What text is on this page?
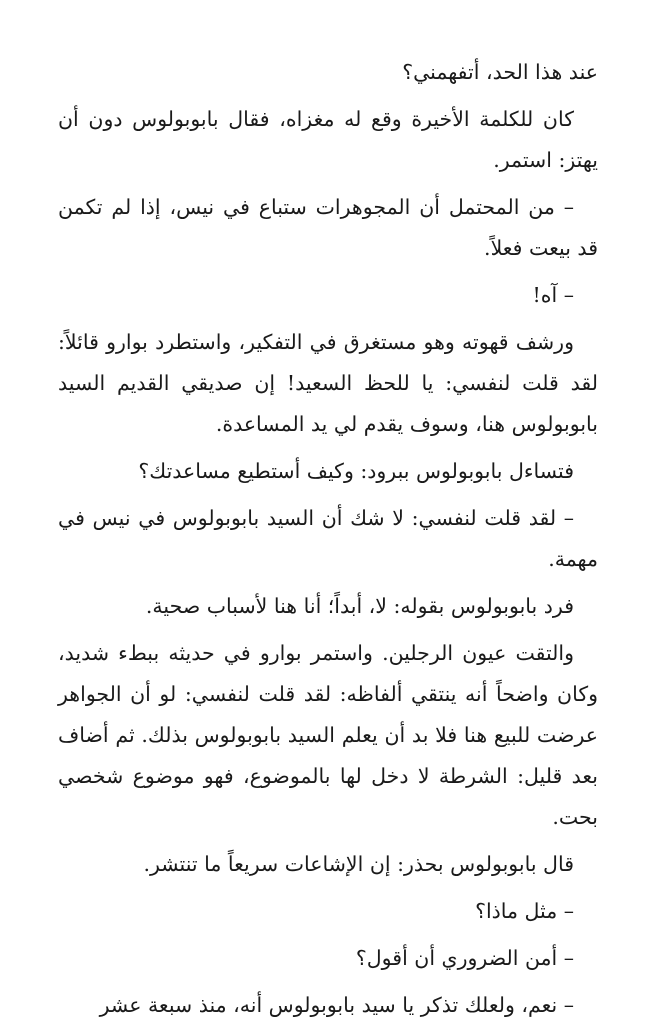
عند هذا الحد، أتفهمني؟

كان للكلمة الأخيرة وقع له مغزاه، فقال بابوبولوس دون أن يهتز: استمر.

– من المحتمل أن المجوهرات ستباع في نيس، إذا لم تكمن قد بيعت فعلاً.

– آه!

ورشف قهوته وهو مستغرق في التفكير، واستطرد بوارو قائلاً: لقد قلت لنفسي: يا للحظ السعيد! إن صديقي القديم السيد بابوبولوس هنا، وسوف يقدم لي يد المساعدة.

فتساءل بابوبولوس ببرود: وكيف أستطيع مساعدتك؟

– لقد قلت لنفسي: لا شك أن السيد بابوبولوس في نيس في مهمة.

فرد بابوبولوس بقوله: لا، أبداً؛ أنا هنا لأسباب صحية.

والتقت عيون الرجلين. واستمر بوارو في حديثه ببطء شديد، وكان واضحاً أنه ينتقي ألفاظه: لقد قلت لنفسي: لو أن الجواهر عرضت للبيع هنا فلا بد أن يعلم السيد بابوبولوس بذلك. ثم أضاف بعد قليل: الشرطة لا دخل لها بالموضوع، فهو موضوع شخصي بحت.

قال بابوبولوس بحذر: إن الإشاعات سريعاً ما تنتشر.

– مثل ماذا؟

– أمن الضروري أن أقول؟

– نعم، ولعلك تذكر يا سيد بابوبولوس أنه، منذ سبعة عشر
